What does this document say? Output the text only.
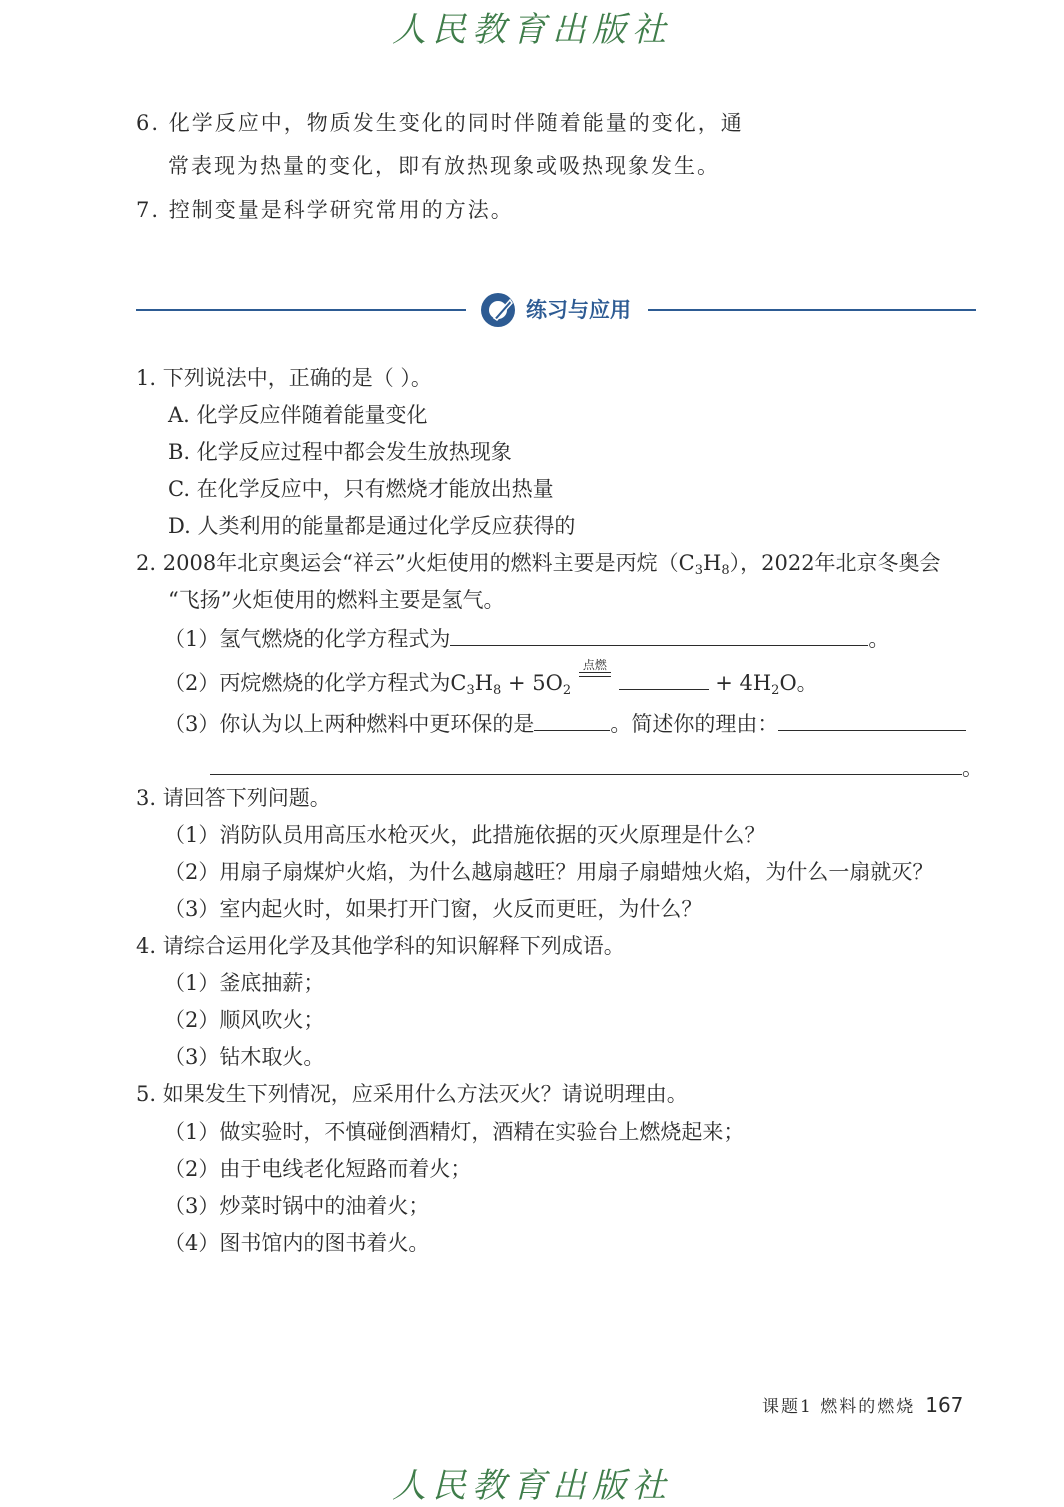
人民教育出版社
6. 化学反应中，物质发生变化的同时伴随着能量的变化，通
常表现为热量的变化，即有放热现象或吸热现象发生。
7. 控制变量是科学研究常用的方法。
练习与应用
1. 下列说法中，正确的是（ ）。
A. 化学反应伴随着能量变化
B. 化学反应过程中都会发生放热现象
C. 在化学反应中，只有燃烧才能放出热量
D. 人类利用的能量都是通过化学反应获得的
2. 2008年北京奥运会“祥云”火炬使用的燃料主要是丙烷$(C_3H_8)$，2022年北京冬奥会
“飞扬”火炬使用的燃料主要是氢气。
（1）氢气燃烧的化学方程式为	。
（2）丙烷燃烧的化学方程式为$C_3H_8 + 5O_2$
点燃
+ $4H_2O$。
（3）你认为以上两种燃料中更环保的是	。简述你的理由：
。
3. 请回答下列问题。
（1）消防队员用高压水枪灭火，此措施依据的灭火原理是什么？
（2）用扇子扇煤炉火焰，为什么越扇越旺？用扇子扇蜡烛火焰，为什么一扇就灭？
（3）室内起火时，如果打开门窗，火反而更旺，为什么？
4. 请综合运用化学及其他学科的知识解释下列成语。
（1）釜底抽薪；
（2）顺风吹火；
（3）钻木取火。
5. 如果发生下列情况，应采用什么方法灭火？请说明理由。
（1）做实验时，不慎碰倒酒精灯，酒精在实验台上燃烧起来；
（2）由于电线老化短路而着火；
（3）炒菜时锅中的油着火；
（4）图书馆内的图书着火。
课题1 燃料的燃烧 167
人民教育出版社
